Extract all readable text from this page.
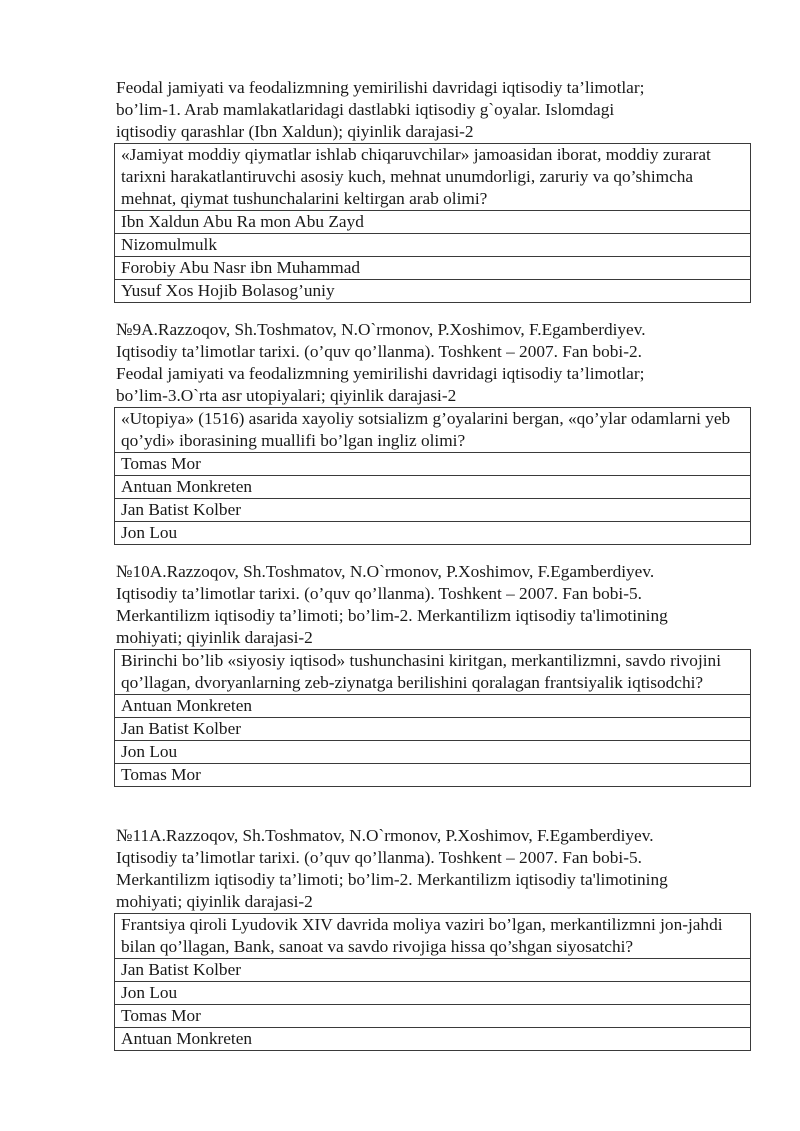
Feodal jamiyati va feodalizmning yemirilishi davridagi iqtisodiy ta’limotlar;
bo’lim-1. Arab mamlakatlaridagi dastlabki iqtisodiy g`oyalar. Islomdagi
iqtisodiy qarashlar (Ibn Xaldun); qiyinlik darajasi-2

«Jamiyat moddiy qiymatlar ishlab chiqaruvchilar» jamoasidan iborat, moddiy zurarat tarixni harakatlantiruvchi asosiy kuch, mehnat unumdorligi, zaruriy va qo’shimcha mehnat, qiymat tushunchalarini keltirgan arab olimi?
Ibn Xaldun Abu Ra mon Abu Zayd
Nizomulmulk
Forobiy Abu Nasr ibn Muhammad
Yusuf Xos Hojib Bolasog’uniy

№9A.Razzoqov, Sh.Toshmatov, N.O`rmonov, P.Xoshimov, F.Egamberdiyev.
Iqtisodiy ta’limotlar tarixi. (o’quv qo’llanma). Toshkent – 2007. Fan bobi-2.
Feodal jamiyati va feodalizmning yemirilishi davridagi iqtisodiy ta’limotlar;
bo’lim-3.O`rta asr utopiyalari; qiyinlik darajasi-2

«Utopiya» (1516) asarida xayoliy sotsializm g’oyalarini bergan, «qo’ylar odamlarni yeb qo’ydi» iborasining muallifi bo’lgan ingliz olimi?
Tomas Mor
Antuan Monkreten
Jan Batist Kolber
Jon Lou

№10A.Razzoqov, Sh.Toshmatov, N.O`rmonov, P.Xoshimov, F.Egamberdiyev.
Iqtisodiy ta’limotlar tarixi. (o’quv qo’llanma). Toshkent – 2007. Fan bobi-5.
Merkantilizm iqtisodiy ta’limoti; bo’lim-2. Merkantilizm iqtisodiy ta'limotining
mohiyati; qiyinlik darajasi-2

Birinchi bo’lib «siyosiy iqtisod» tushunchasini kiritgan, merkantilizmni, savdo rivojini qo’llagan, dvoryanlarning zeb-ziynatga berilishini qoralagan frantsiyalik iqtisodchi?
Antuan Monkreten
Jan Batist Kolber
Jon Lou
Tomas Mor

№11A.Razzoqov, Sh.Toshmatov, N.O`rmonov, P.Xoshimov, F.Egamberdiyev.
Iqtisodiy ta’limotlar tarixi. (o’quv qo’llanma). Toshkent – 2007. Fan bobi-5.
Merkantilizm iqtisodiy ta’limoti; bo’lim-2. Merkantilizm iqtisodiy ta'limotining
mohiyati; qiyinlik darajasi-2

Frantsiya qiroli Lyudovik XIV davrida moliya vaziri bo’lgan, merkantilizmni jon-jahdi bilan qo’llagan, Bank, sanoat va savdo rivojiga hissa qo’shgan siyosatchi?
Jan Batist Kolber
Jon Lou
Tomas Mor
Antuan Monkreten
